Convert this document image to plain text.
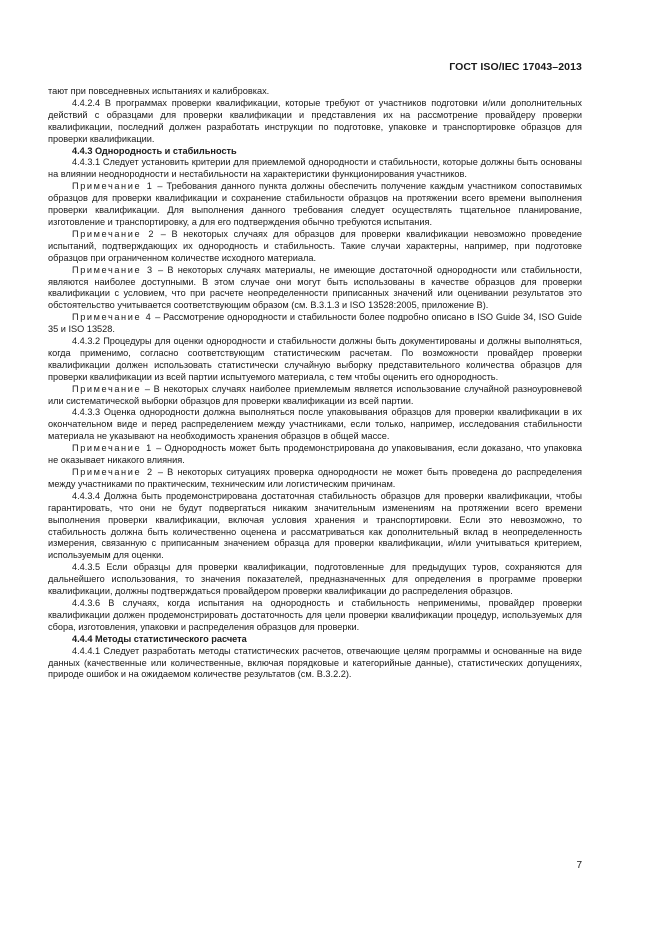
ГОСТ ISO/IEC 17043–2013

тают при повседневных испытаниях и калибровках.

4.4.2.4 В программах проверки квалификации, которые требуют от участников подготовки и/или дополнительных действий с образцами для проверки квалификации и представления их на рассмотрение провайдеру проверки квалификации, последний должен разработать инструкции по подготовке, упаковке и транспортировке образцов для проверки квалификации.

4.4.3 Однородность и стабильность

4.4.3.1 Следует установить критерии для приемлемой однородности и стабильности, которые должны быть основаны на влиянии неоднородности и нестабильности на характеристики функционирования участников.

Примечание 1 – Требования данного пункта должны обеспечить получение каждым участником сопоставимых образцов для проверки квалификации и сохранение стабильности образцов на протяжении всего времени выполнения проверки квалификации. Для выполнения данного требования следует осуществлять тщательное планирование, изготовление и транспортировку, а для его подтверждения обычно требуются испытания.

Примечание 2 – В некоторых случаях для образцов для проверки квалификации невозможно проведение испытаний, подтверждающих их однородность и стабильность. Такие случаи характерны, например, при подготовке образцов при ограниченном количестве исходного материала.

Примечание 3 – В некоторых случаях материалы, не имеющие достаточной однородности или стабильности, являются наиболее доступными. В этом случае они могут быть использованы в качестве образцов для проверки квалификации с условием, что при расчете неопределенности приписанных значений или оценивании результатов это обстоятельство учитывается соответствующим образом (см. В.3.1.3 и ISO 13528:2005, приложение В).

Примечание 4 – Рассмотрение однородности и стабильности более подробно описано в ISO Guide 34, ISO Guide 35 и ISO 13528.

4.4.3.2 Процедуры для оценки однородности и стабильности должны быть документированы и должны выполняться, когда применимо, согласно соответствующим статистическим расчетам. По возможности провайдер проверки квалификации должен использовать статистически случайную выборку представительного количества образцов для проверки квалификации из всей партии испытуемого материала, с тем чтобы оценить его однородность.

Примечание – В некоторых случаях наиболее приемлемым является использование случайной разноуровневой или систематической выборки образцов для проверки квалификации из всей партии.

4.4.3.3 Оценка однородности должна выполняться после упаковывания образцов для проверки квалификации в их окончательном виде и перед распределением между участниками, если только, например, исследования стабильности материала не указывают на необходимость хранения образцов в общей массе.

Примечание 1 – Однородность может быть продемонстрирована до упаковывания, если доказано, что упаковка не оказывает никакого влияния.

Примечание 2 – В некоторых ситуациях проверка однородности не может быть проведена до распределения между участниками по практическим, техническим или логистическим причинам.

4.4.3.4 Должна быть продемонстрирована достаточная стабильность образцов для проверки квалификации, чтобы гарантировать, что они не будут подвергаться никаким значительным изменениям на протяжении всего времени выполнения проверки квалификации, включая условия хранения и транспортировки. Если это невозможно, то стабильность должна быть количественно оценена и рассматриваться как дополнительный вклад в неопределенность измерения, связанную с приписанным значением образца для проверки квалификации, и/или учитываться критерием, используемым для оценки.

4.4.3.5 Если образцы для проверки квалификации, подготовленные для предыдущих туров, сохраняются для дальнейшего использования, то значения показателей, предназначенных для определения в программе проверки квалификации, должны подтверждаться провайдером проверки квалификации до распределения образцов.

4.4.3.6 В случаях, когда испытания на однородность и стабильность неприменимы, провайдер проверки квалификации должен продемонстрировать достаточность для цели проверки квалификации процедур, используемых для сбора, изготовления, упаковки и распределения образцов для проверки.

4.4.4 Методы статистического расчета

4.4.4.1 Следует разработать методы статистических расчетов, отвечающие целям программы и основанные на виде данных (качественные или количественные, включая порядковые и категорийные данные), статистических допущениях, природе ошибок и на ожидаемом количестве результатов (см. В.3.2.2).

7
